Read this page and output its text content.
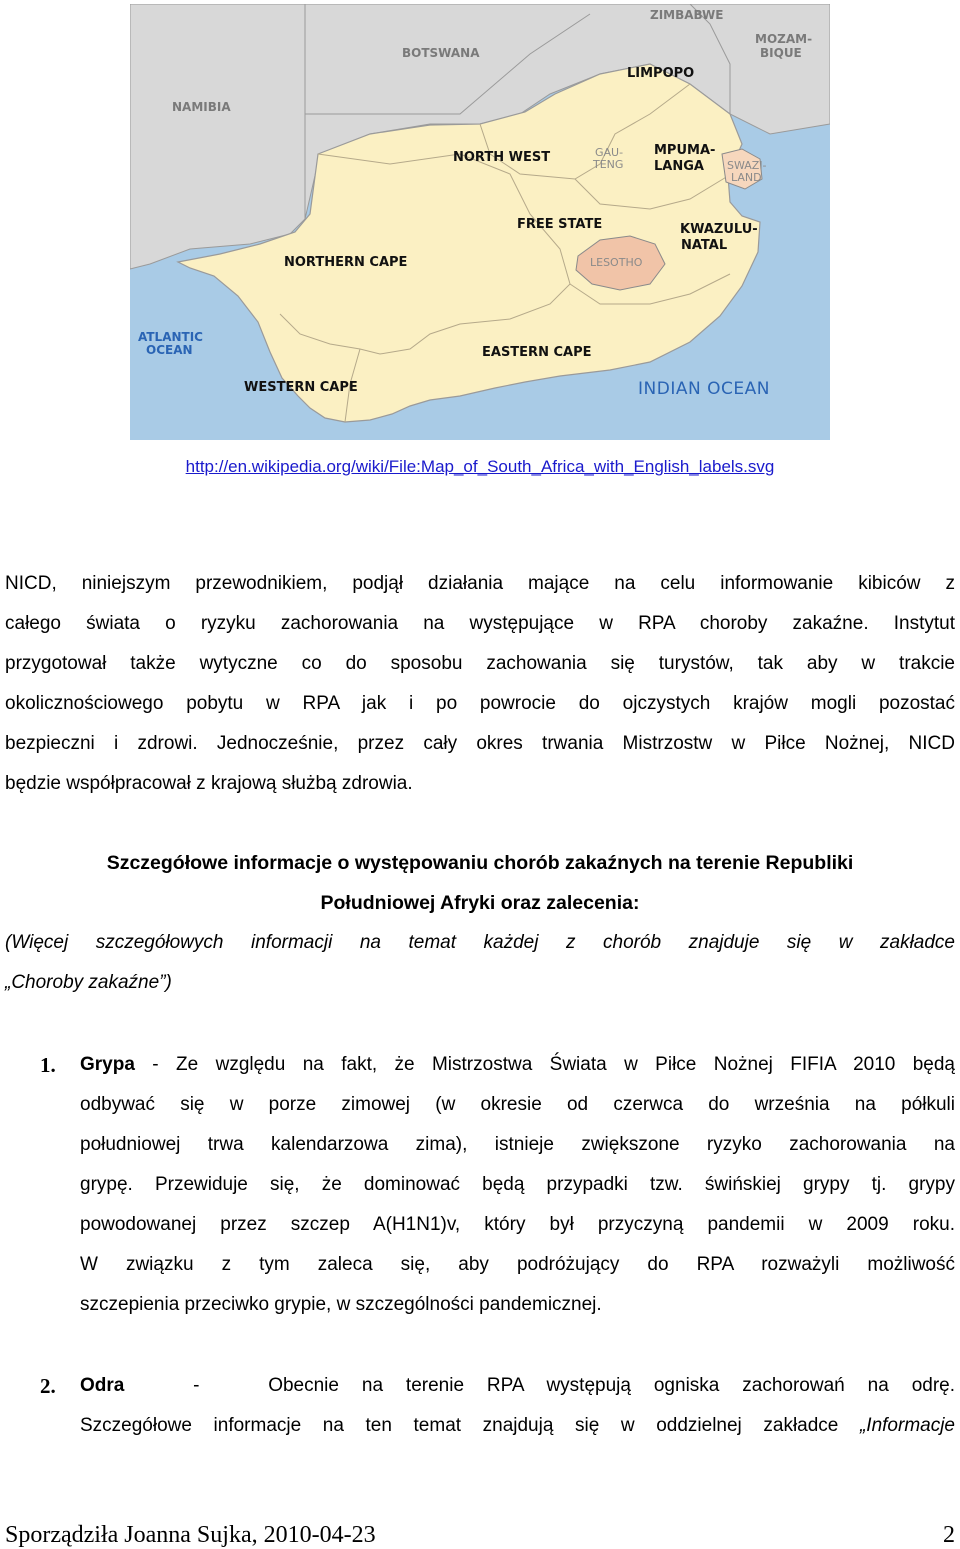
ZIMBABWE
MOZAM-
BIQUE
BOTSWANA
NAMIBIA
LIMPOPO
NORTH WEST	GAU-
TENG
MPUMA-
LANGA SWAZI-
LAND
FREE STATE	KWAZULU-
NATAL
LESOTHO
NORTHERN CAPE
ATLANTIC
OCEAN	EASTERN CAPE
WESTERN CAPE	INDIAN OCEAN
http://en.wikipedia.org/wiki/File:Map_of_South_Africa_with_English_labels.svg

NICD, niniejszym przewodnikiem, podjął działania mające na celu informowanie kibiców z

całego świata o ryzyku zachorowania na występujące w RPA choroby zakaźne. Instytut

przygotował także wytyczne co do sposobu zachowania się turystów, tak aby w trakcie

okolicznościowego pobytu w RPA jak i po powrocie do ojczystych krajów mogli pozostać

bezpieczni i zdrowi. Jednocześnie, przez cały okres trwania Mistrzostw w Piłce Nożnej, NICD

będzie współpracował z krajową służbą zdrowia.

Szczegółowe informacje o występowaniu chorób zakaźnych na terenie Republiki
Południowej Afryki oraz zalecenia:

(Więcej szczegółowych informacji na temat każdej z chorób znajduje się w zakładce

„Choroby zakaźne”)

1. Grypa - Ze względu na fakt, że Mistrzostwa Świata w Piłce Nożnej FIFIA 2010 będą
odbywać się w porze zimowej (w okresie od czerwca do września na półkuli
południowej trwa kalendarzowa zima), istnieje zwiększone ryzyko zachorowania na
grypę. Przewiduje się, że dominować będą przypadki tzw. świńskiej grypy tj. grypy
powodowanej przez szczep A(H1N1)v, który był przyczyną pandemii w 2009 roku.
W związku z tym zaleca się, aby podróżujący do RPA rozważyli możliwość
szczepienia przeciwko grypie, w szczególności pandemicznej.
2. Odra   -   Obecnie na terenie RPA występują ogniska zachorowań na odrę.
Szczegółowe informacje na ten temat znajdują się w oddzielnej zakładce „Informacje
Sporządziła Joanna Sujka, 2010-04-23	2
